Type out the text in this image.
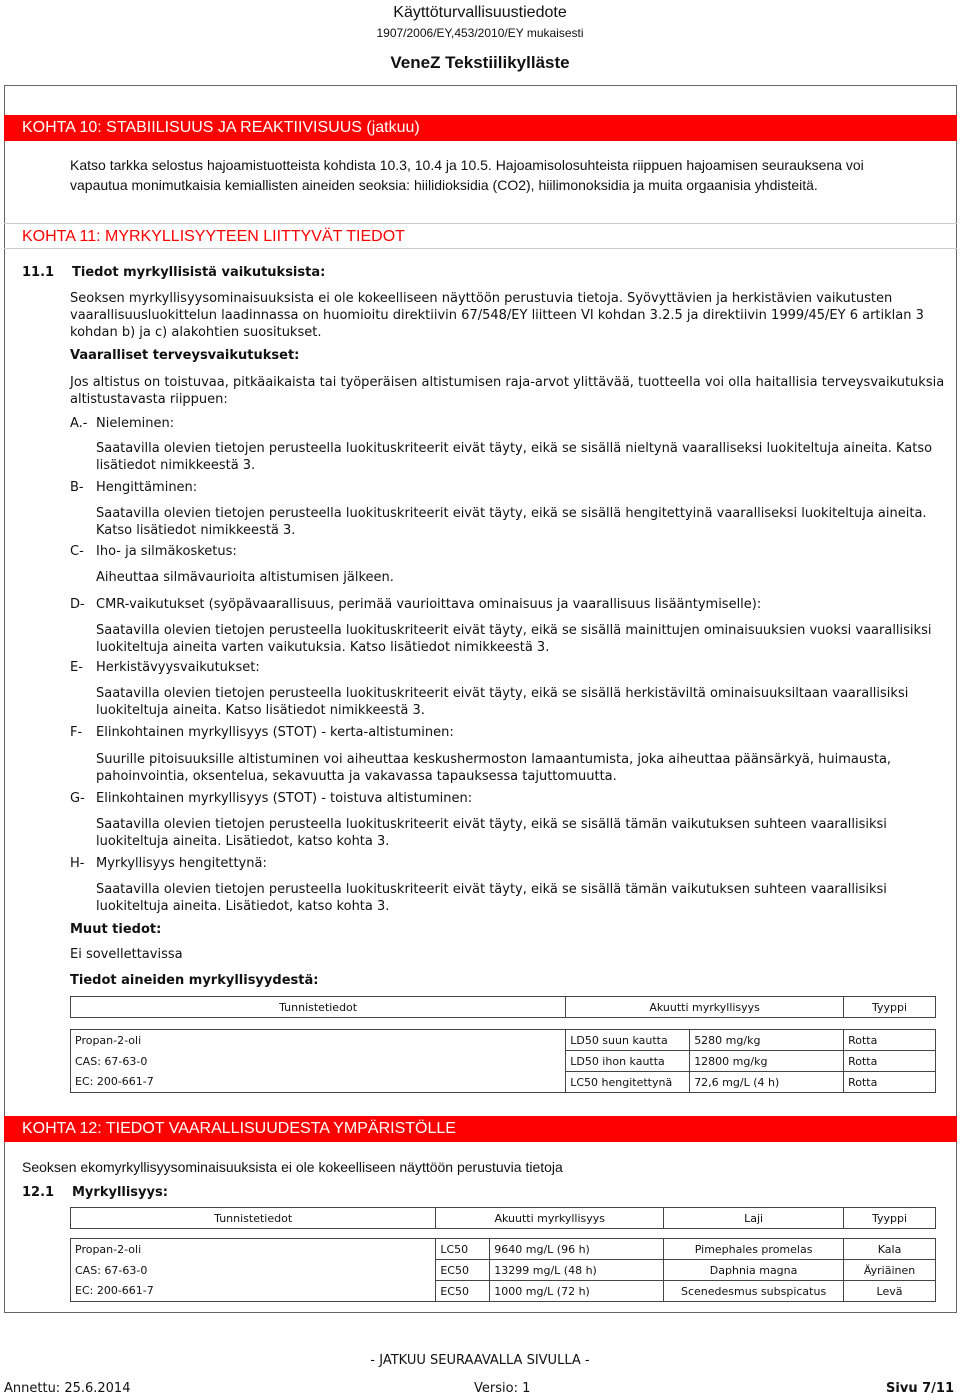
Käyttöturvallisuustiedote
1907/2006/EY,453/2010/EY mukaisesti
VeneZ Tekstiilikylläste
KOHTA 10: STABIILISUUS JA REAKTIIVISUUS (jatkuu)
Katso tarkka selostus hajoamistuotteista kohdista 10.3, 10.4 ja 10.5. Hajoamisolosuhteista riippuen hajoamisen seurauksena voi
vapautua monimutkaisia kemiallisten aineiden seoksia: hiilidioksidia (CO2), hiilimonoksidia ja muita orgaanisia yhdisteitä.
KOHTA 11: MYRKYLLISYYTEEN LIITTYVÄT TIEDOT
11.1 Tiedot myrkyllisistä vaikutuksista:
Seoksen myrkyllisyysominaisuuksista ei ole kokeelliseen näyttöön perustuvia tietoja. Syövyttävien ja herkistävien vaikutusten
vaarallisuusluokittelun laadinnassa on huomioitu direktiivin 67/548/EY liitteen VI kohdan 3.2.5 ja direktiivin 1999/45/EY 6 artiklan 3
kohdan b) ja c) alakohtien suositukset.
Vaaralliset terveysvaikutukset:
Jos altistus on toistuvaa, pitkäaikaista tai työperäisen altistumisen raja-arvot ylittävää, tuotteella voi olla haitallisia terveysvaikutuksia
altistustavasta riippuen:
A.- Nieleminen:
Saatavilla olevien tietojen perusteella luokituskriteerit eivät täyty, eikä se sisällä nieltynä vaaralliseksi luokiteltuja aineita. Katso
lisätiedot nimikkeestä 3.
B- Hengittäminen:
Saatavilla olevien tietojen perusteella luokituskriteerit eivät täyty, eikä se sisällä hengitettyinä vaaralliseksi luokiteltuja aineita.
Katso lisätiedot nimikkeestä 3.
C- Iho- ja silmäkosketus:
Aiheuttaa silmävaurioita altistumisen jälkeen.
D- CMR-vaikutukset (syöpävaarallisuus, perimää vaurioittava ominaisuus ja vaarallisuus lisääntymiselle):
Saatavilla olevien tietojen perusteella luokituskriteerit eivät täyty, eikä se sisällä mainittujen ominaisuuksien vuoksi vaarallisiksi
luokiteltuja aineita varten vaikutuksia. Katso lisätiedot nimikkeestä 3.
E- Herkistävyysvaikutukset:
Saatavilla olevien tietojen perusteella luokituskriteerit eivät täyty, eikä se sisällä herkistäviltä ominaisuuksiltaan vaarallisiksi
luokiteltuja aineita. Katso lisätiedot nimikkeestä 3.
F- Elinkohtainen myrkyllisyys (STOT) - kerta-altistuminen:
Suurille pitoisuuksille altistuminen voi aiheuttaa keskushermoston lamaantumista, joka aiheuttaa päänsärkyä, huimausta,
pahoinvointia, oksentelua, sekavuutta ja vakavassa tapauksessa tajuttomuutta.
G- Elinkohtainen myrkyllisyys (STOT) - toistuva altistuminen:
Saatavilla olevien tietojen perusteella luokituskriteerit eivät täyty, eikä se sisällä tämän vaikutuksen suhteen vaarallisiksi
luokiteltuja aineita. Lisätiedot, katso kohta 3.
H- Myrkyllisyys hengitettynä:
Saatavilla olevien tietojen perusteella luokituskriteerit eivät täyty, eikä se sisällä tämän vaikutuksen suhteen vaarallisiksi
luokiteltuja aineita. Lisätiedot, katso kohta 3.
Muut tiedot:
Ei sovellettavissa
Tiedot aineiden myrkyllisyydestä:
Tunnistetiedot	Akuutti myrkyllisyys		Tyyppi

Propan-2-oli	LD50 suun kautta	5280 mg/kg	Rotta
CAS: 67-63-0	LD50 ihon kautta	12800 mg/kg	Rotta
EC: 200-661-7	LC50 hengitettynä	72,6 mg/L (4 h)	Rotta
KOHTA 12: TIEDOT VAARALLISUUDESTA YMPÄRISTÖLLE
Seoksen ekomyrkyllisyysominaisuuksista ei ole kokeelliseen näyttöön perustuvia tietoja
12.1 Myrkyllisyys:
Tunnistetiedot	Akuutti myrkyllisyys		Laji	Tyyppi

Propan-2-oli	LC50	9640 mg/L (96 h)	Pimephales promelas	Kala
CAS: 67-63-0	EC50	13299 mg/L (48 h)	Daphnia magna	Äyriäinen
EC: 200-661-7	EC50	1000 mg/L (72 h)	Scenedesmus subspicatus	Levä
- JATKUU SEURAAVALLA SIVULLA -
Annettu: 25.6.2014	Versio: 1	Sivu 7/11
